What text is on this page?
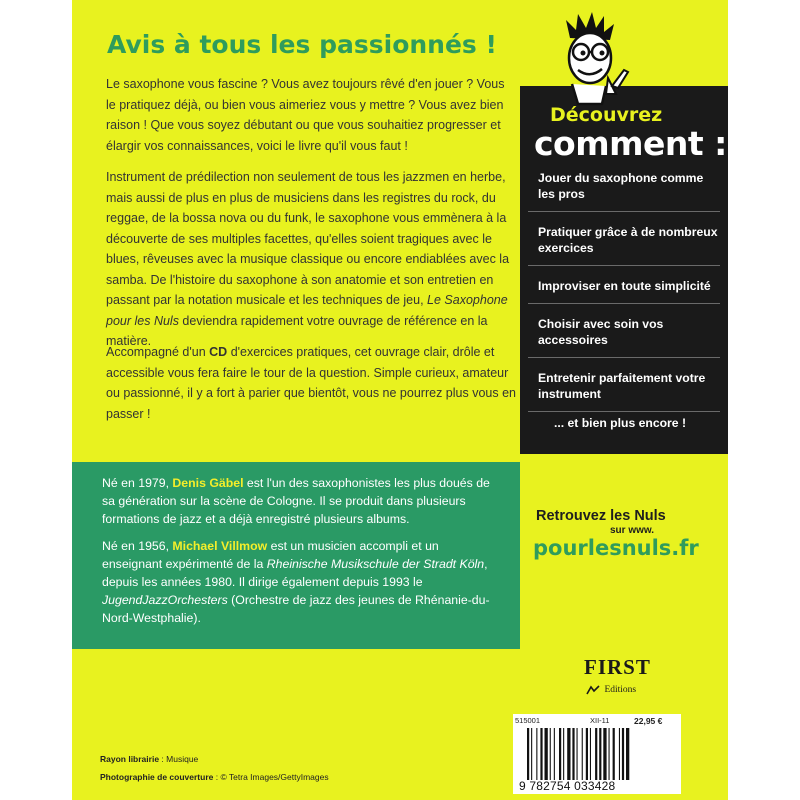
Avis à tous les passionnés !

Le saxophone vous fascine ? Vous avez toujours rêvé d'en jouer ? Vous le pratiquez déjà, ou bien vous aimeriez vous y mettre ? Vous avez bien raison ! Que vous soyez débutant ou que vous souhaitiez progresser et élargir vos connaissances, voici le livre qu'il vous faut !

Instrument de prédilection non seulement de tous les jazzmen en herbe, mais aussi de plus en plus de musiciens dans les registres du rock, du reggae, de la bossa nova ou du funk, le saxophone vous emmènera à la découverte de ses multiples facettes, qu'elles soient tragiques avec le blues, rêveuses avec la musique classique ou encore endiablées avec la samba. De l'histoire du saxophone à son anatomie et son entretien en passant par la notation musicale et les techniques de jeu, Le Saxophone pour les Nuls deviendra rapidement votre ouvrage de référence en la matière.

Accompagné d'un CD d'exercices pratiques, cet ouvrage clair, drôle et accessible vous fera faire le tour de la question. Simple curieux, amateur ou passionné, il y a fort à parier que bientôt, vous ne pourrez plus vous en passer !

Découvrez

comment :

Jouer du saxophone comme les pros
Pratiquer grâce à de nombreux exercices
Improviser en toute simplicité
Choisir avec soin vos accessoires
Entretenir parfaitement votre instrument

... et bien plus encore !

Né en 1979, Denis Gäbel est l'un des saxophonistes les plus doués de sa génération sur la scène de Cologne. Il se produit dans plusieurs formations de jazz et a déjà enregistré plusieurs albums.

Né en 1956, Michael Villmow est un musicien accompli et un enseignant expérimenté de la Rheinische Musikschule der Stradt Köln, depuis les années 1980. Il dirige également depuis 1993 le JugendJazzOrchesters (Orchestre de jazz des jeunes de Rhénanie-du-Nord-Westphalie).

Retrouvez les Nuls

sur www.

pourlesnuls.fr

FIRST

Editions
515001	XII-11	22,95 €
9 782754 033428

Rayon librairie : Musique

Photographie de couverture : © Tetra Images/GettyImages
